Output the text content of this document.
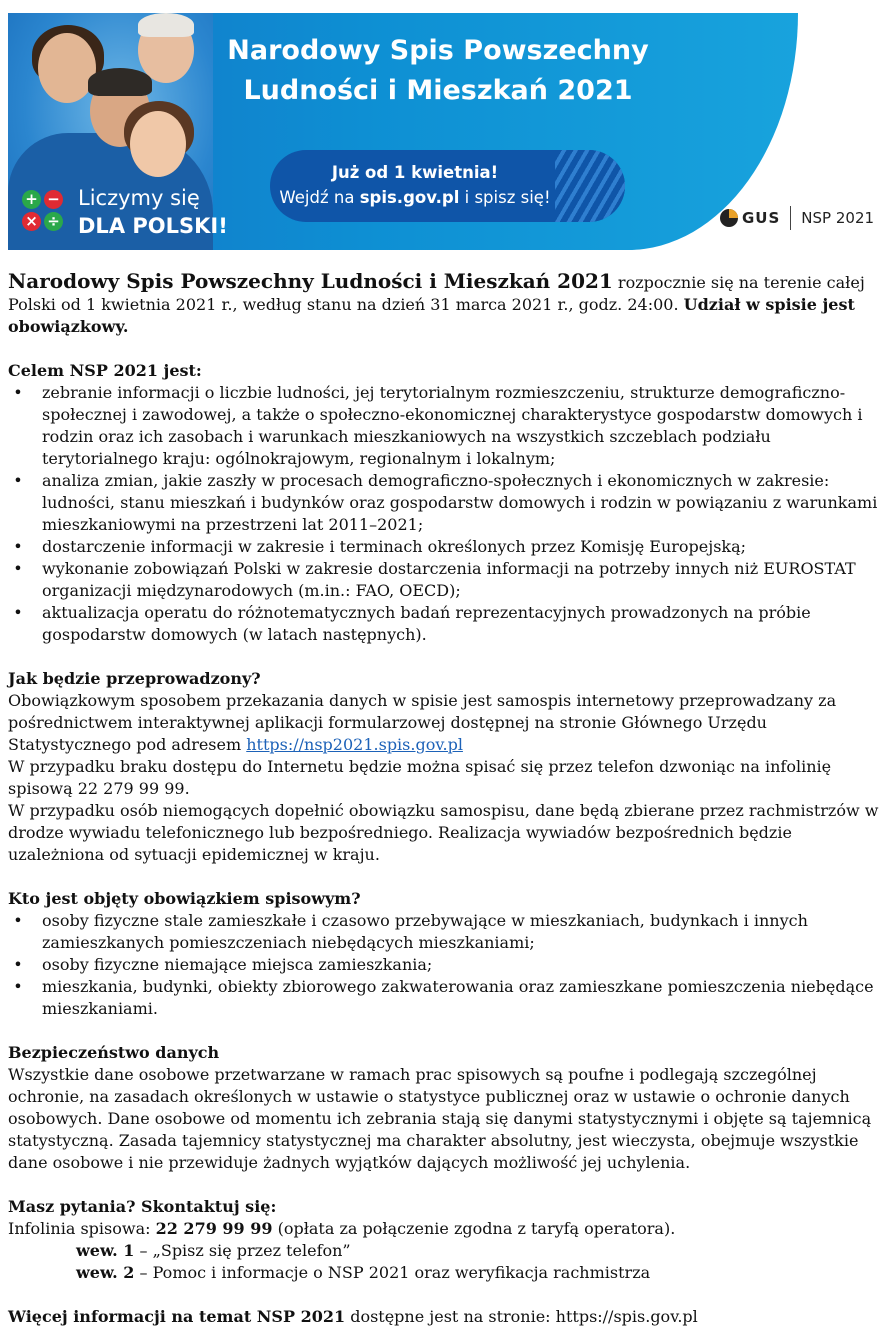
Narodowy Spis Powszechny
Ludności i Mieszkań 2021
Już od 1 kwietnia!
Wejdź na spis.gov.pl i spisz się!
+ −
× ÷
Liczymy się
DLA POLSKI!	GUS NSP 2021

Narodowy Spis Powszechny Ludności i Mieszkań 2021 rozpocznie się na terenie całej Polski od 1 kwietnia 2021 r., według stanu na dzień 31 marca 2021 r., godz. 24:00. Udział w spisie jest obowiązkowy.

Celem NSP 2021 jest:

• zebranie informacji o liczbie ludności, jej terytorialnym rozmieszczeniu, strukturze demograficzno-społecznej i zawodowej, a także o społeczno-ekonomicznej charakterystyce gospodarstw domowych i rodzin oraz ich zasobach i warunkach mieszkaniowych na wszystkich szczeblach podziału terytorialnego kraju: ogólnokrajowym, regionalnym i lokalnym;
• analiza zmian, jakie zaszły w procesach demograficzno-społecznych i ekonomicznych w zakresie: ludności, stanu mieszkań i budynków oraz gospodarstw domowych i rodzin w powiązaniu z warunkami mieszkaniowymi na przestrzeni lat 2011–2021;
• dostarczenie informacji w zakresie i terminach określonych przez Komisję Europejską;
• wykonanie zobowiązań Polski w zakresie dostarczenia informacji na potrzeby innych niż EUROSTAT organizacji międzynarodowych (m.in.: FAO, OECD);
• aktualizacja operatu do różnotematycznych badań reprezentacyjnych prowadzonych na próbie gospodarstw domowych (w latach następnych).

Jak będzie przeprowadzony?

Obowiązkowym sposobem przekazania danych w spisie jest samospis internetowy przeprowadzany za pośrednictwem interaktywnej aplikacji formularzowej dostępnej na stronie Głównego Urzędu Statystycznego pod adresem https://nsp2021.spis.gov.pl

W przypadku braku dostępu do Internetu będzie można spisać się przez telefon dzwoniąc na infolinię spisową 22 279 99 99.

W przypadku osób niemogących dopełnić obowiązku samospisu, dane będą zbierane przez rachmistrzów w drodze wywiadu telefonicznego lub bezpośredniego. Realizacja wywiadów bezpośrednich będzie uzależniona od sytuacji epidemicznej w kraju.

Kto jest objęty obowiązkiem spisowym?

• osoby fizyczne stale zamieszkałe i czasowo przebywające w mieszkaniach, budynkach i innych zamieszkanych pomieszczeniach niebędących mieszkaniami;
• osoby fizyczne niemające miejsca zamieszkania;
• mieszkania, budynki, obiekty zbiorowego zakwaterowania oraz zamieszkane pomieszczenia niebędące mieszkaniami.

Bezpieczeństwo danych

Wszystkie dane osobowe przetwarzane w ramach prac spisowych są poufne i podlegają szczególnej ochronie, na zasadach określonych w ustawie o statystyce publicznej oraz w ustawie o ochronie danych osobowych. Dane osobowe od momentu ich zebrania stają się danymi statystycznymi i objęte są tajemnicą statystyczną. Zasada tajemnicy statystycznej ma charakter absolutny, jest wieczysta, obejmuje wszystkie dane osobowe i nie przewiduje żadnych wyjątków dających możliwość jej uchylenia.

Masz pytania? Skontaktuj się:

Infolinia spisowa: 22 279 99 99 (opłata za połączenie zgodna z taryfą operatora).

wew. 1 – „Spisz się przez telefon”

wew. 2 – Pomoc i informacje o NSP 2021 oraz weryfikacja rachmistrza

Więcej informacji na temat NSP 2021 dostępne jest na stronie: https://spis.gov.pl
